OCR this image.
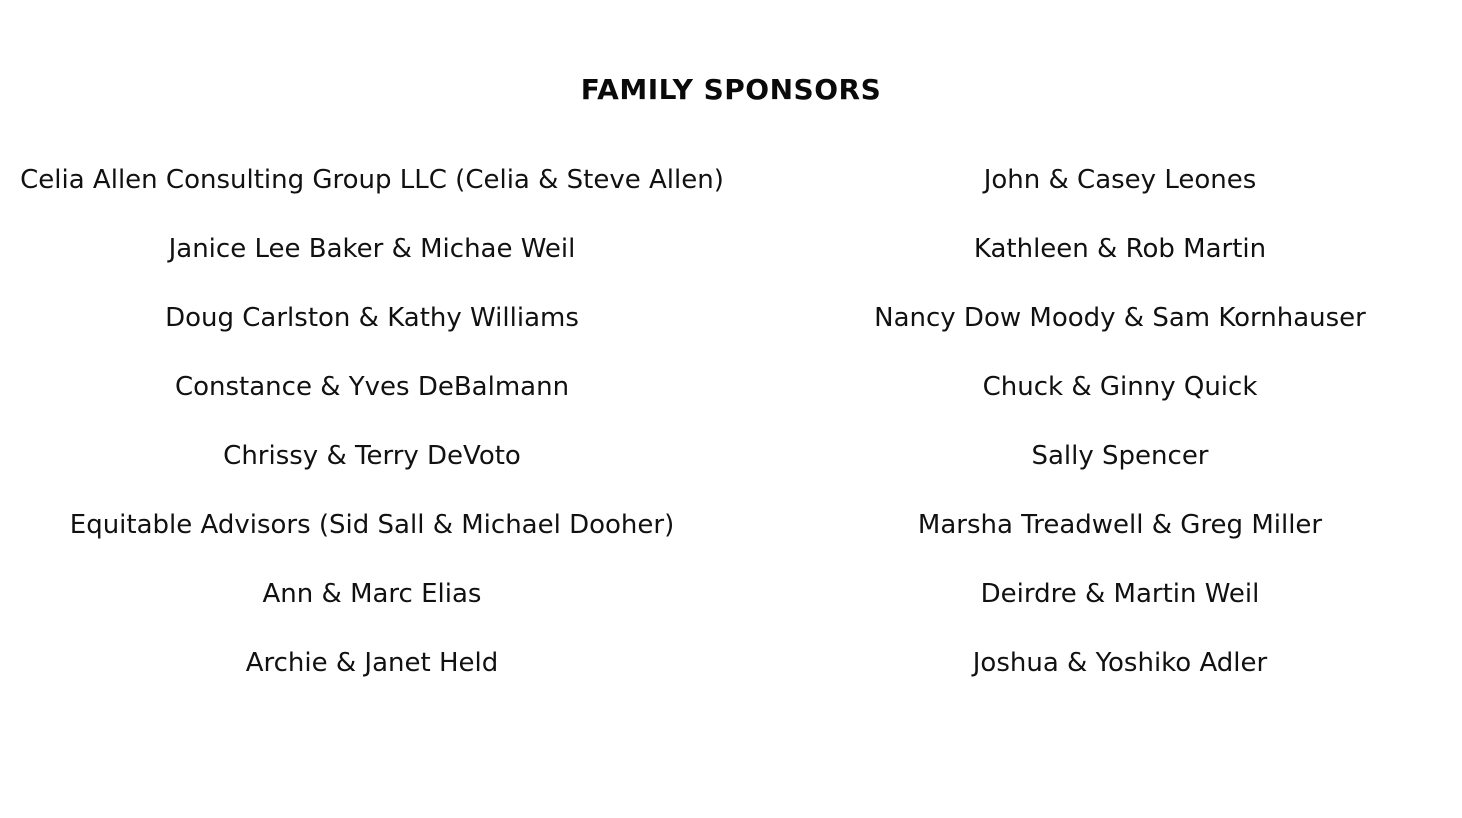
FAMILY SPONSORS
Celia Allen Consulting Group LLC (Celia & Steve Allen)
Janice Lee Baker & Michae Weil
Doug Carlston & Kathy Williams
Constance & Yves DeBalmann
Chrissy & Terry DeVoto
Equitable Advisors (Sid Sall & Michael Dooher)
Ann & Marc Elias
Archie & Janet Held
John & Casey Leones
Kathleen & Rob Martin
Nancy Dow Moody & Sam Kornhauser
Chuck & Ginny Quick
Sally Spencer
Marsha Treadwell & Greg Miller
Deirdre & Martin Weil
Joshua & Yoshiko Adler
